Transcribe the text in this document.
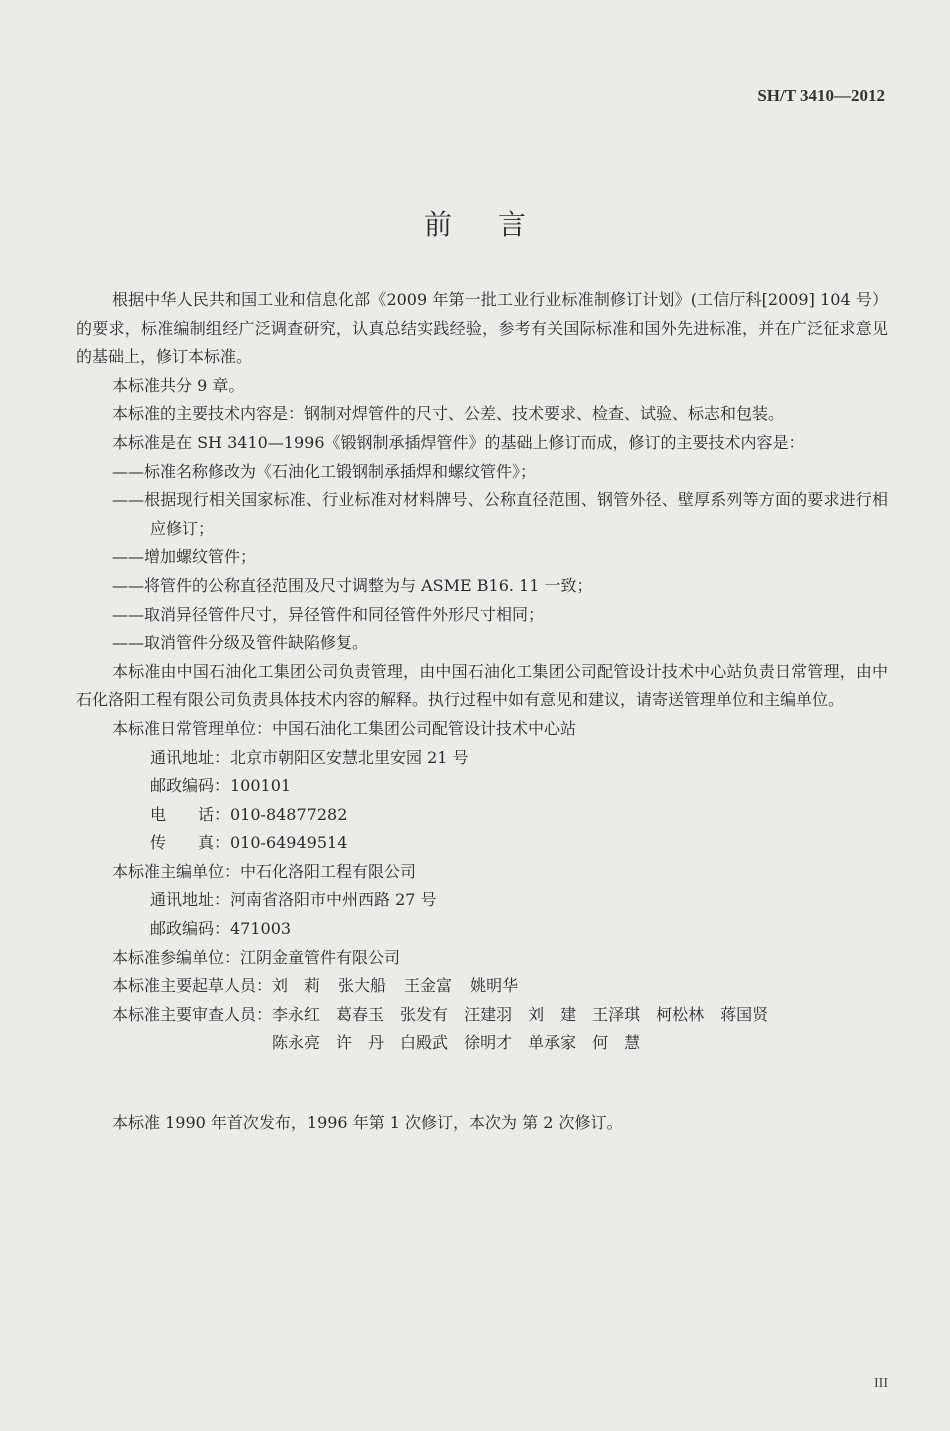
SH/T 3410—2012
前言

根据中华人民共和国工业和信息化部《2009 年第一批工业行业标准制修订计划》(工信厅科[2009] 104 号）的要求，标准编制组经广泛调查研究，认真总结实践经验，参考有关国际标准和国外先进标准，并在广泛征求意见的基础上，修订本标准。

本标准共分 9 章。

本标准的主要技术内容是：钢制对焊管件的尺寸、公差、技术要求、检查、试验、标志和包装。

本标准是在 SH 3410—1996《锻钢制承插焊管件》的基础上修订而成，修订的主要技术内容是：

——标准名称修改为《石油化工锻钢制承插焊和螺纹管件》；

——根据现行相关国家标准、行业标准对材料牌号、公称直径范围、钢管外径、壁厚系列等方面的要求进行相应修订；

——增加螺纹管件；

——将管件的公称直径范围及尺寸调整为与 ASME B16. 11 一致；

——取消异径管件尺寸，异径管件和同径管件外形尺寸相同；

——取消管件分级及管件缺陷修复。

本标准由中国石油化工集团公司负责管理，由中国石油化工集团公司配管设计技术中心站负责日常管理，由中石化洛阳工程有限公司负责具体技术内容的解释。执行过程中如有意见和建议，请寄送管理单位和主编单位。

本标准日常管理单位：中国石油化工集团公司配管设计技术中心站

通讯地址：北京市朝阳区安慧北里安园 21 号

邮政编码：100101

电　　话：010-84877282

传　　真：010-64949514

本标准主编单位：中石化洛阳工程有限公司

通讯地址：河南省洛阳市中州西路 27 号

邮政编码：471003

本标准参编单位：江阴金童管件有限公司

本标准主要起草人员： 刘　莉 张大船 王金富 姚明华
本标准主要审查人员： 李永红 葛春玉 张发有 汪建羽 刘　建 王泽琪 柯松林 蒋国贤
陈永亮 许　丹 白殿武 徐明才 单承家 何　慧
本标准 1990 年首次发布，1996 年第 1 次修订，本次为 第 2 次修订。
III
